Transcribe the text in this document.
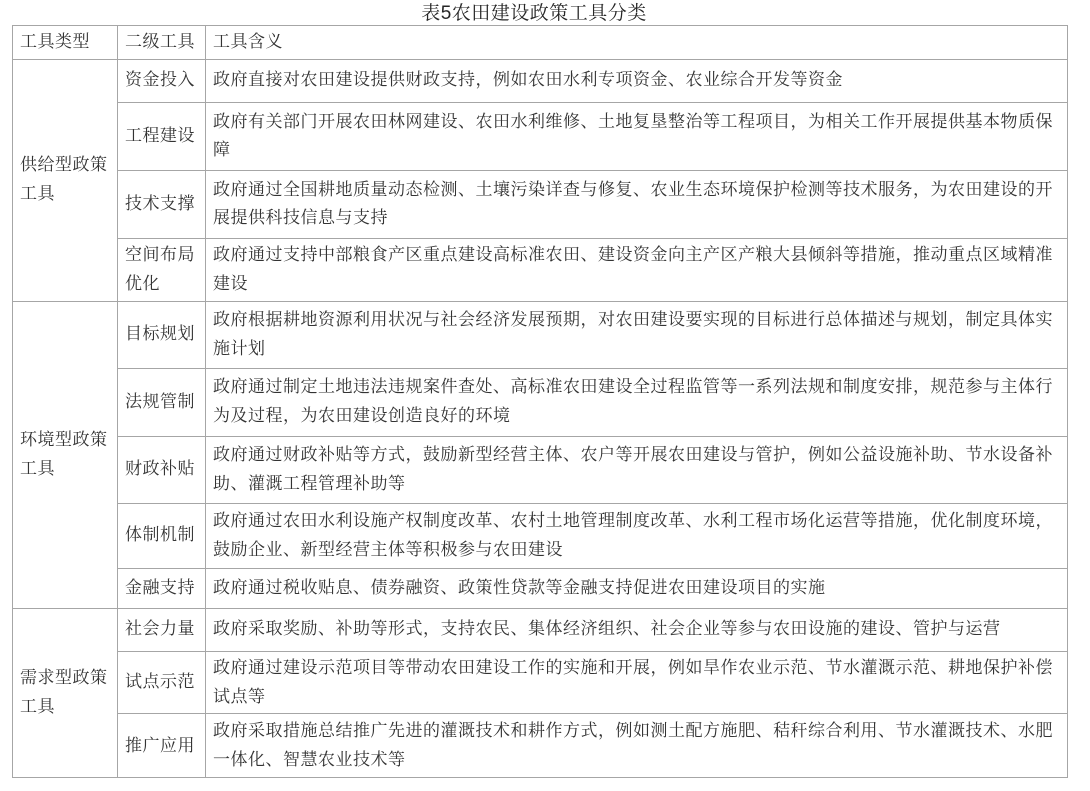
表5农田建设政策工具分类
工具类型	二级工具	工具含义
供给型政策工具	资金投入	政府直接对农田建设提供财政支持，例如农田水利专项资金、农业综合开发等资金
	工程建设	政府有关部门开展农田林网建设、农田水利维修、土地复垦整治等工程项目，为相关工作开展提供基本物质保障
	技术支撑	政府通过全国耕地质量动态检测、土壤污染详查与修复、农业生态环境保护检测等技术服务，为农田建设的开展提供科技信息与支持
	空间布局优化	政府通过支持中部粮食产区重点建设高标准农田、建设资金向主产区产粮大县倾斜等措施，推动重点区域精准建设
环境型政策工具	目标规划	政府根据耕地资源利用状况与社会经济发展预期，对农田建设要实现的目标进行总体描述与规划，制定具体实施计划
	法规管制	政府通过制定土地违法违规案件查处、高标准农田建设全过程监管等一系列法规和制度安排，规范参与主体行为及过程，为农田建设创造良好的环境
	财政补贴	政府通过财政补贴等方式，鼓励新型经营主体、农户等开展农田建设与管护，例如公益设施补助、节水设备补助、灌溉工程管理补助等
	体制机制	政府通过农田水利设施产权制度改革、农村土地管理制度改革、水利工程市场化运营等措施，优化制度环境，鼓励企业、新型经营主体等积极参与农田建设
	金融支持	政府通过税收贴息、债券融资、政策性贷款等金融支持促进农田建设项目的实施
需求型政策工具	社会力量	政府采取奖励、补助等形式，支持农民、集体经济组织、社会企业等参与农田设施的建设、管护与运营
	试点示范	政府通过建设示范项目等带动农田建设工作的实施和开展，例如旱作农业示范、节水灌溉示范、耕地保护补偿试点等
	推广应用	政府采取措施总结推广先进的灌溉技术和耕作方式，例如测土配方施肥、秸秆综合利用、节水灌溉技术、水肥一体化、智慧农业技术等
